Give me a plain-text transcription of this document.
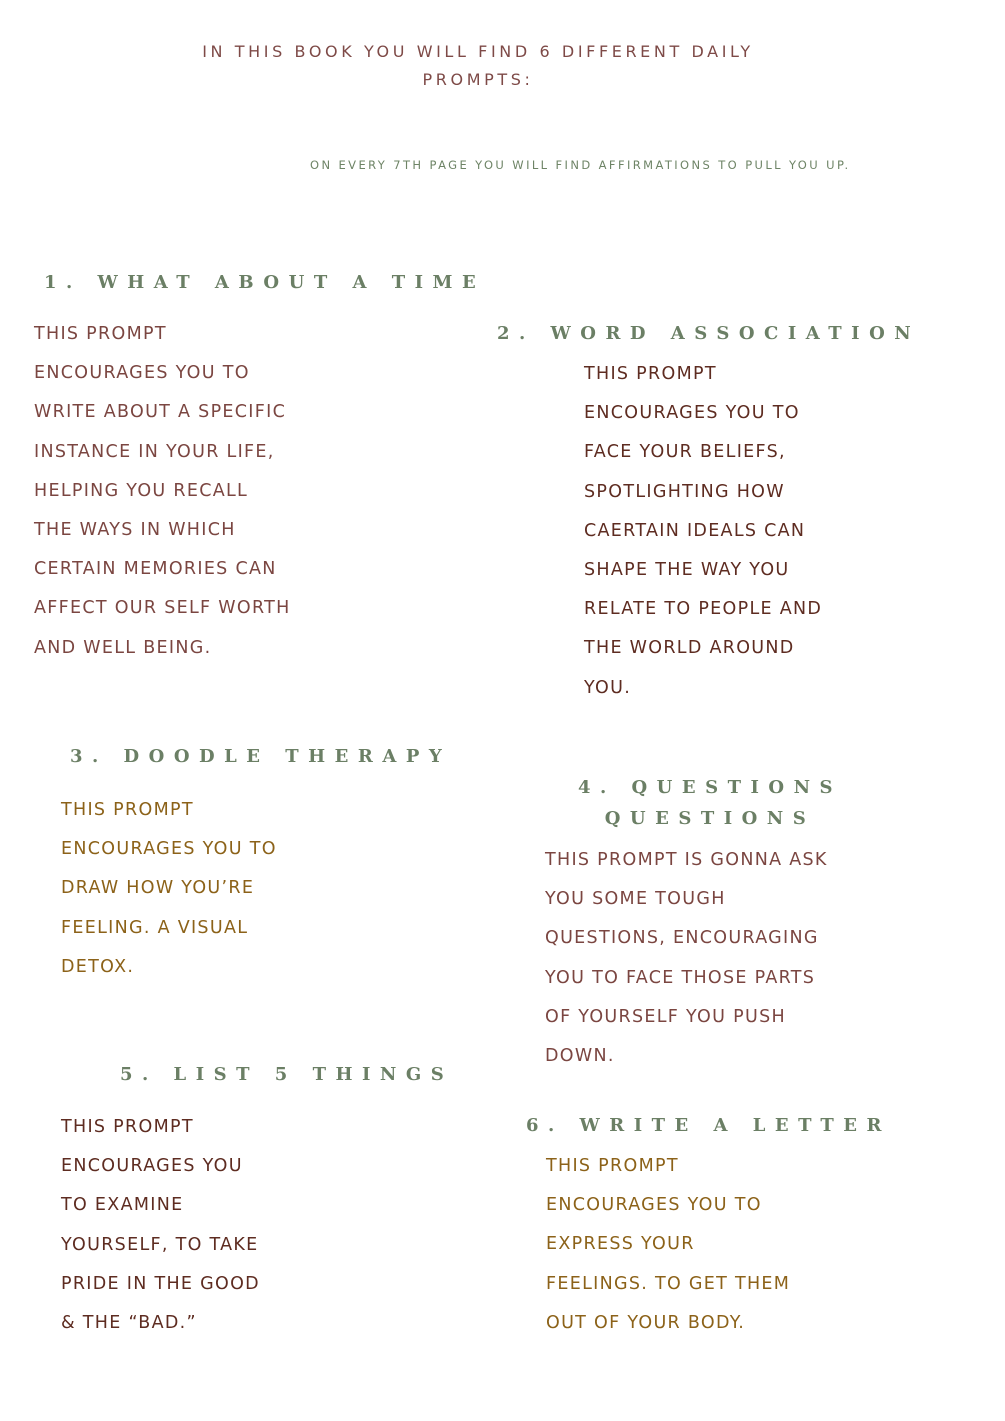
IN THIS BOOK YOU WILL FIND 6 DIFFERENT DAILY
PROMPTS:
ON EVERY 7TH PAGE YOU WILL FIND AFFIRMATIONS TO PULL YOU UP.
1. WHAT ABOUT A TIME
THIS PROMPT
ENCOURAGES YOU TO
WRITE ABOUT A SPECIFIC
INSTANCE IN YOUR LIFE,
HELPING YOU RECALL
THE WAYS IN WHICH
CERTAIN MEMORIES CAN
AFFECT OUR SELF WORTH
AND WELL BEING.
2. WORD ASSOCIATION
THIS PROMPT
ENCOURAGES YOU TO
FACE YOUR BELIEFS,
SPOTLIGHTING HOW
CAERTAIN IDEALS CAN
SHAPE THE WAY YOU
RELATE TO PEOPLE AND
THE WORLD AROUND
YOU.
3. DOODLE THERAPY
THIS PROMPT
ENCOURAGES YOU TO
DRAW HOW YOU’RE
FEELING. A VISUAL
DETOX.
4. QUESTIONS
QUESTIONS
THIS PROMPT IS GONNA ASK
YOU SOME TOUGH
QUESTIONS, ENCOURAGING
YOU TO FACE THOSE PARTS
OF YOURSELF YOU PUSH
DOWN.
5. LIST 5 THINGS
THIS PROMPT
ENCOURAGES YOU
TO EXAMINE
YOURSELF, TO TAKE
PRIDE IN THE GOOD
& THE “BAD.”
6. WRITE A LETTER
THIS PROMPT
ENCOURAGES YOU TO
EXPRESS YOUR
FEELINGS. TO GET THEM
OUT OF YOUR BODY.
